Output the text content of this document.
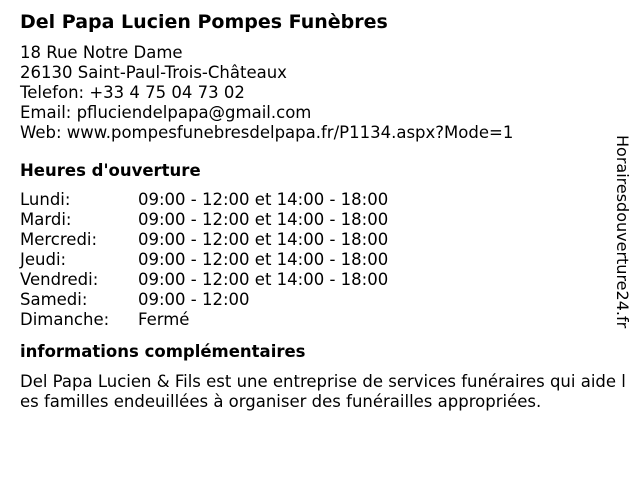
Del Papa Lucien Pompes Funèbres
18 Rue Notre Dame
26130 Saint-Paul-Trois-Châteaux
Telefon: +33 4 75 04 73 02
Email: pfluciendelpapa@gmail.com
Web: www.pompesfunebresdelpapa.fr/P1134.aspx?Mode=1
Heures d'ouverture
Lundi:	09:00 - 12:00 et 14:00 - 18:00
Mardi:	09:00 - 12:00 et 14:00 - 18:00
Mercredi:	09:00 - 12:00 et 14:00 - 18:00
Jeudi:	09:00 - 12:00 et 14:00 - 18:00
Vendredi:	09:00 - 12:00 et 14:00 - 18:00
Samedi:	09:00 - 12:00
Dimanche:	Fermé
informations complémentaires
Del Papa Lucien & Fils est une entreprise de services funéraires qui aide les familles endeuillées à organiser des funérailles appropriées.
Horairesdouverture24.fr
